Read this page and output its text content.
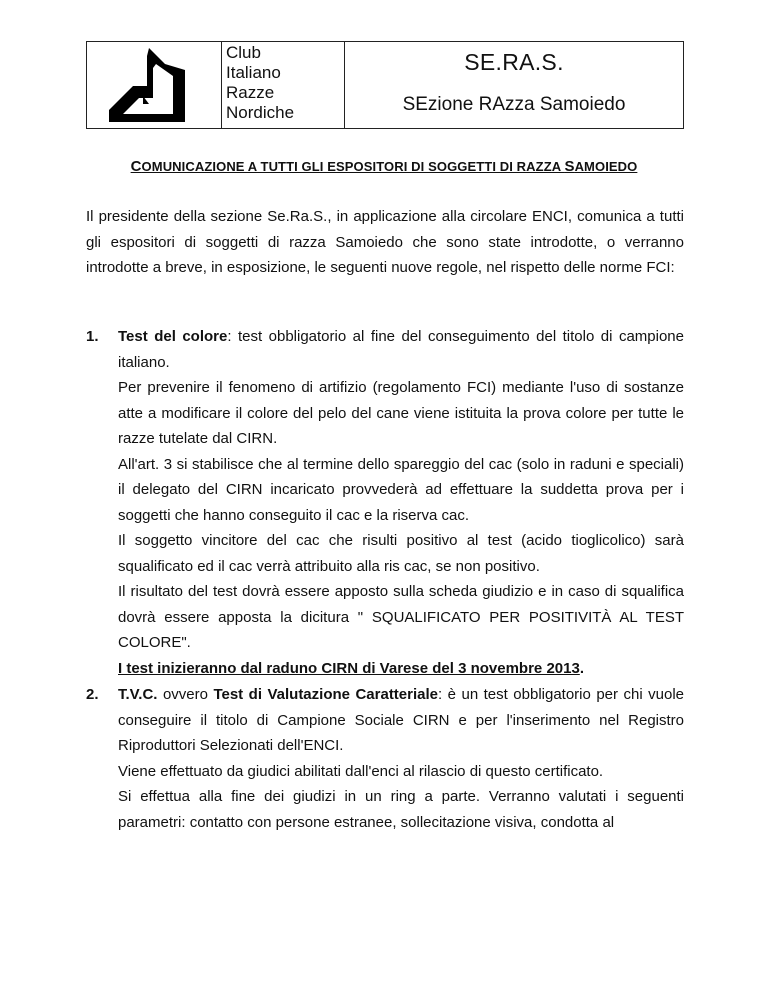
Club
Italiano
Razze
Nordiche
SE.RA.S.
SEzione RAzza Samoiedo
COMUNICAZIONE A TUTTI GLI ESPOSITORI DI SOGGETTI DI RAZZA SAMOIEDO

Il presidente della sezione Se.Ra.S., in applicazione alla circolare ENCI, comunica a tutti gli espositori di soggetti di razza Samoiedo che sono state introdotte, o verranno introdotte a breve, in esposizione, le seguenti nuove regole, nel rispetto delle norme FCI:

1. Test del colore: test obbligatorio al fine del conseguimento del titolo di campione italiano.

Per prevenire il fenomeno di artifizio (regolamento FCI) mediante l'uso di sostanze atte a modificare il colore del pelo del cane viene istituita la prova colore per tutte le razze tutelate dal CIRN.

All'art. 3 si stabilisce che al termine dello spareggio del cac (solo in raduni e speciali) il delegato del CIRN incaricato provvederà ad effettuare la suddetta prova per i soggetti che hanno conseguito il cac e la riserva cac.

Il soggetto vincitore del cac che risulti positivo al test (acido tioglicolico) sarà squalificato ed il cac verrà attribuito alla ris cac, se non positivo.

Il risultato del test dovrà essere apposto sulla scheda giudizio e in caso di squalifica dovrà essere apposta la dicitura " SQUALIFICATO PER POSITIVITÀ AL TEST COLORE".

I test inizieranno dal raduno CIRN di Varese del 3 novembre 2013.

2. T.V.C. ovvero Test di Valutazione Caratteriale: è un test obbligatorio per chi vuole conseguire il titolo di Campione Sociale CIRN e per l'inserimento nel Registro Riproduttori Selezionati dell'ENCI.

Viene effettuato da giudici abilitati dall'enci al rilascio di questo certificato.

Si effettua alla fine dei giudizi in un ring a parte. Verranno valutati i seguenti parametri: contatto con persone estranee, sollecitazione visiva, condotta al
